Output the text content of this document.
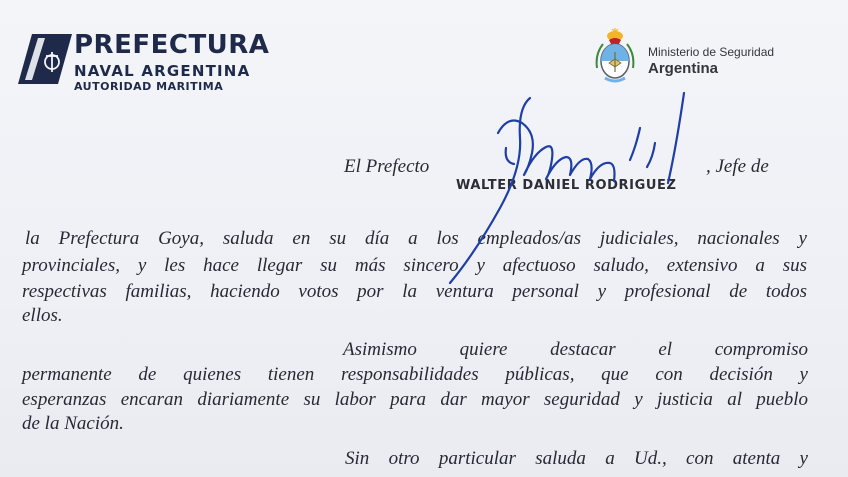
PREFECTURA
NAVAL ARGENTINA
AUTORIDAD MARITIMA
Ministerio de Seguridad
Argentina
El Prefecto	, Jefe de
WALTER DANIEL RODRIGUEZ
la Prefectura Goya, saluda en su día a los empleados/as judiciales, nacionales y
provinciales, y les hace llegar su más sincero y afectuoso saludo, extensivo a sus
respectivas familias, haciendo votos por la ventura personal y profesional de todos
ellos.
Asimismo quiere destacar el compromiso
permanente de quienes tienen responsabilidades públicas, que con decisión y
esperanzas encaran diariamente su labor para dar mayor seguridad y justicia al pueblo
de la Nación.
Sin otro particular saluda a Ud., con atenta y
